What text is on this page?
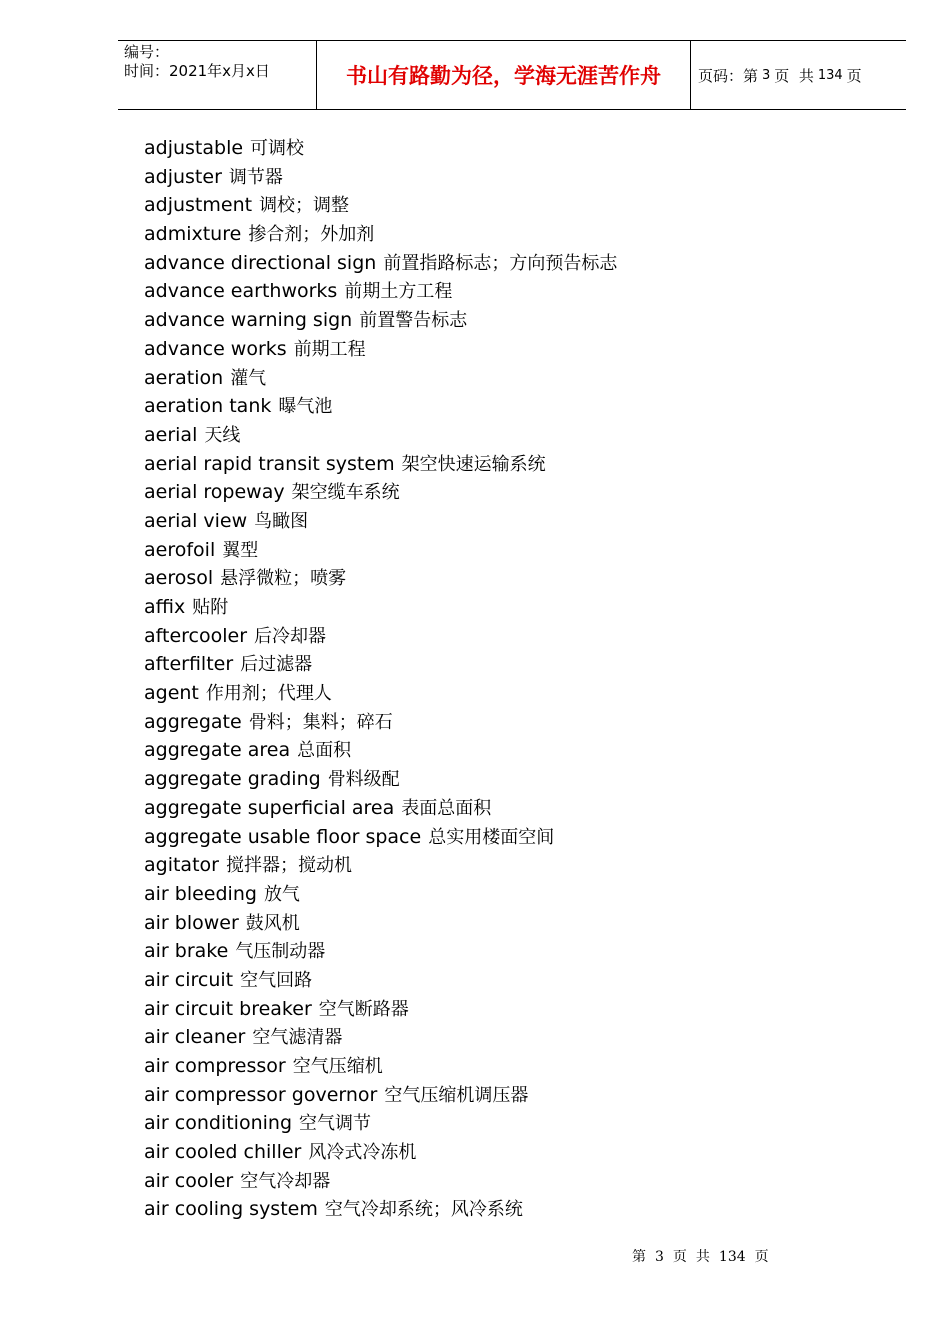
编号：
时间：2021年x月x日	书山有路勤为径，学海无涯苦作舟 页码：第 3 页  共 134 页
adjustable 可调校
adjuster 调节器
adjustment 调校；调整
admixture 掺合剂；外加剂
advance directional sign 前置指路标志；方向预告标志
advance earthworks 前期土方工程
advance warning sign 前置警告标志
advance works 前期工程
aeration 灌气
aeration tank 曝气池
aerial 天线
aerial rapid transit system 架空快速运输系统
aerial ropeway 架空缆车系统
aerial view 鸟瞰图
aerofoil 翼型
aerosol 悬浮微粒；喷雾
affix 贴附
aftercooler 后冷却器
afterfilter 后过滤器
agent 作用剂；代理人
aggregate 骨料；集料；碎石
aggregate area 总面积
aggregate grading 骨料级配
aggregate superficial area 表面总面积
aggregate usable floor space 总实用楼面空间
agitator 搅拌器；搅动机
air bleeding 放气
air blower 鼓风机
air brake 气压制动器
air circuit 空气回路
air circuit breaker 空气断路器
air cleaner 空气滤清器
air compressor 空气压缩机
air compressor governor 空气压缩机调压器
air conditioning 空气调节
air cooled chiller 风冷式冷冻机
air cooler 空气冷却器
air cooling system 空气冷却系统；风冷系统
第 3 页 共 134 页
